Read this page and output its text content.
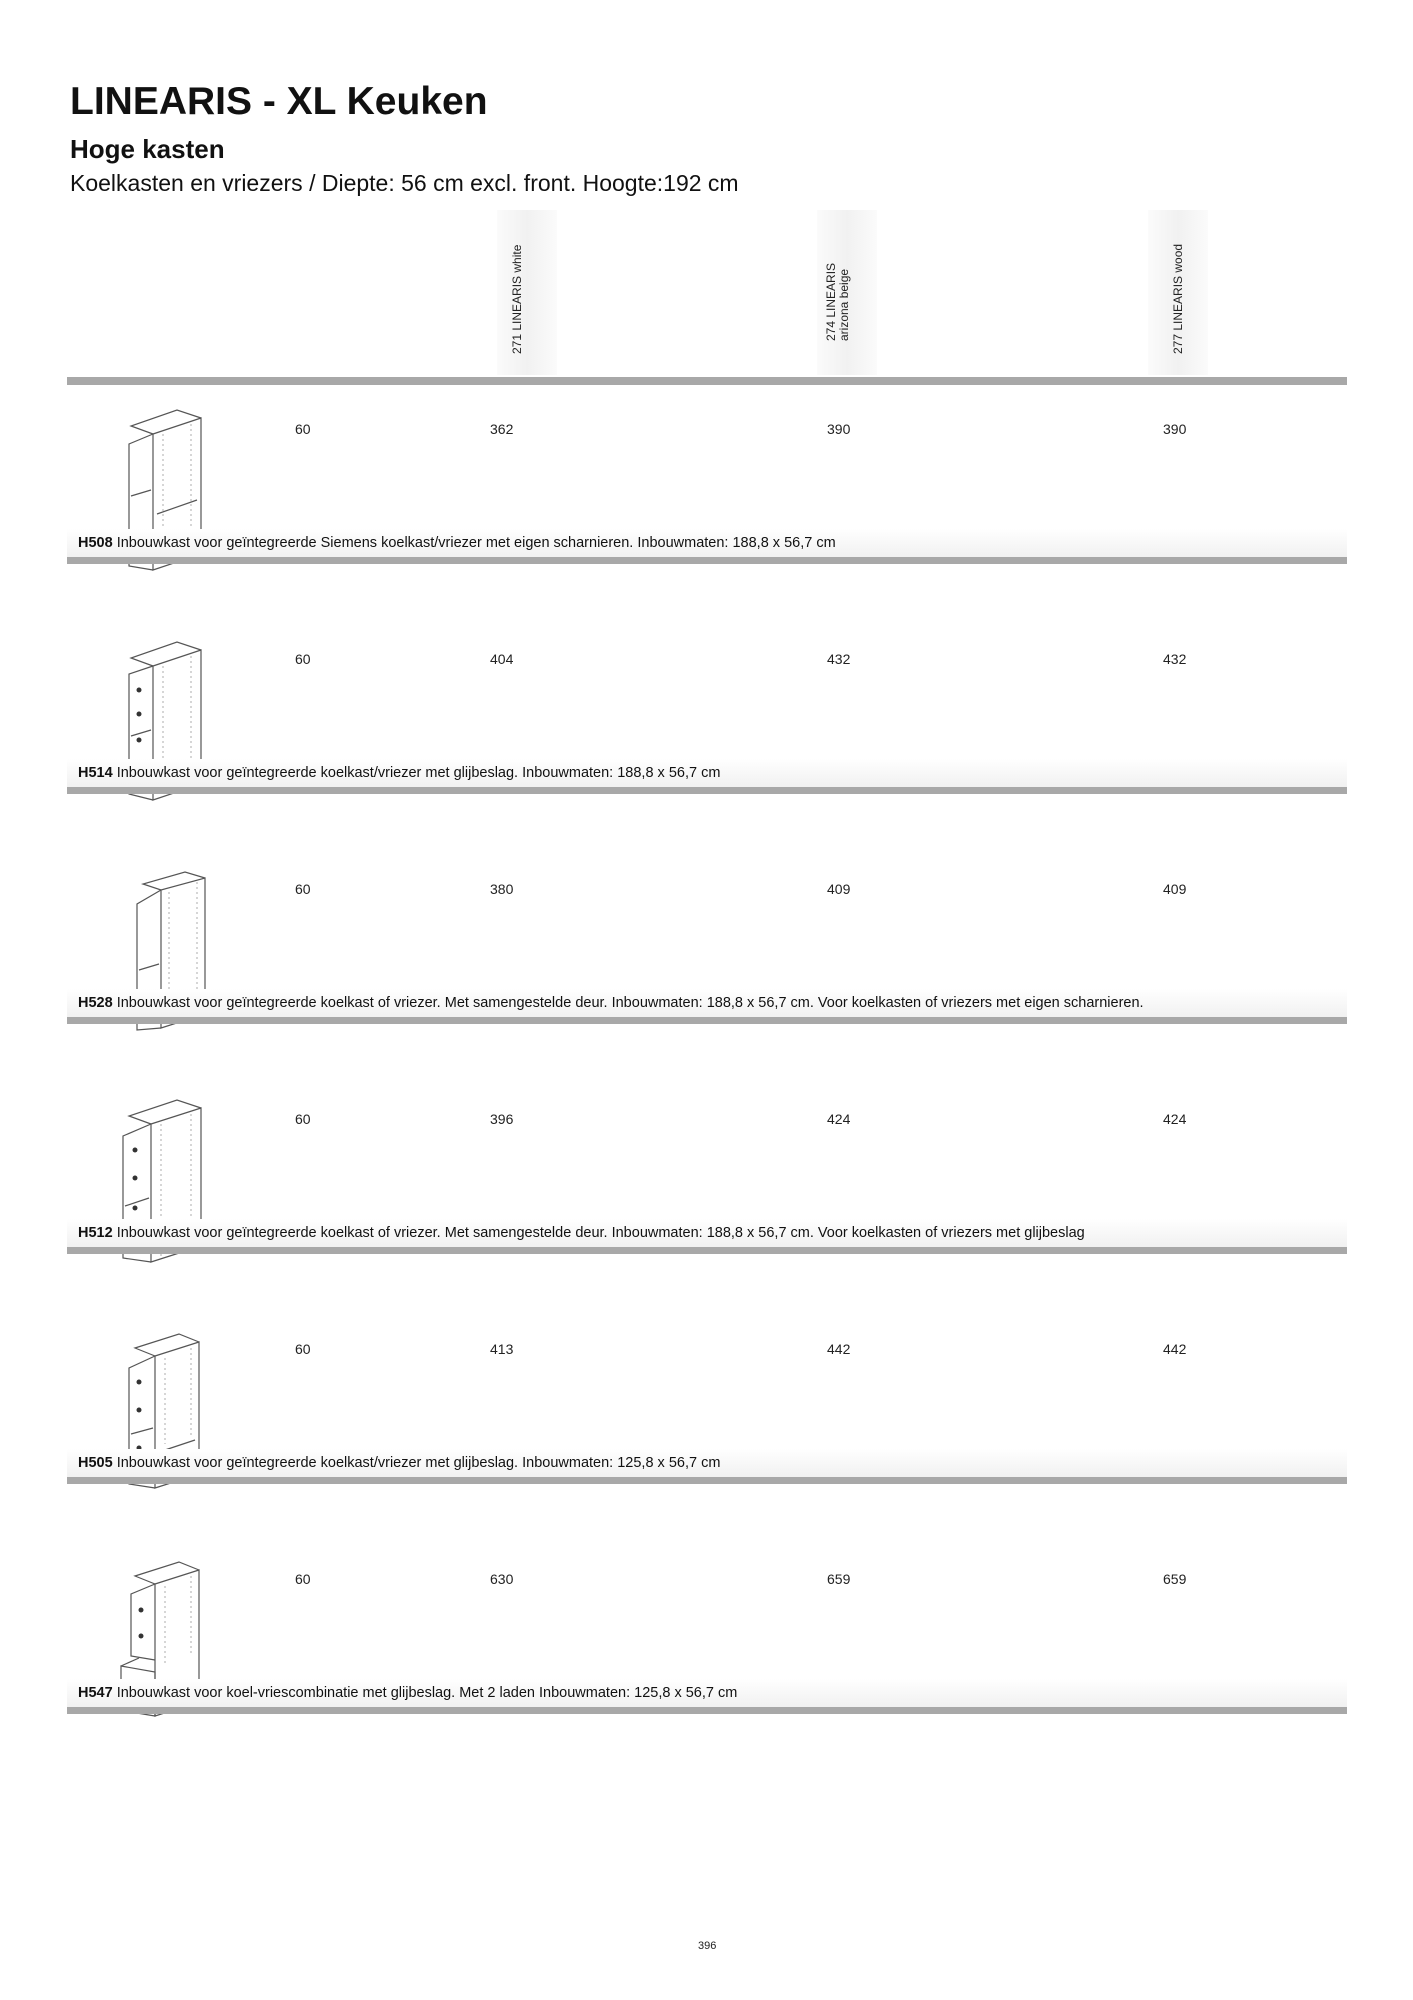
LINEARIS - XL Keuken
Hoge kasten

Koelkasten en vriezers / Diepte: 56 cm excl. front. Hoogte:192 cm

271 LINEARIS white	274 LINEARIS arizona beige	277 LINEARIS wood
60	362	390	390
H508 Inbouwkast voor geïntegreerde Siemens koelkast/vriezer met eigen scharnieren. Inbouwmaten: 188,8 x 56,7 cm
60	404	432	432
H514 Inbouwkast voor geïntegreerde koelkast/vriezer met glijbeslag. Inbouwmaten: 188,8 x 56,7 cm
60	380	409	409
H528 Inbouwkast voor geïntegreerde koelkast of vriezer. Met samengestelde deur. Inbouwmaten: 188,8 x 56,7 cm. Voor koelkasten of vriezers met eigen scharnieren.
60	396	424	424
H512 Inbouwkast voor geïntegreerde koelkast of vriezer. Met samengestelde deur. Inbouwmaten: 188,8 x 56,7 cm. Voor koelkasten of vriezers met glijbeslag
60	413	442	442
H505 Inbouwkast voor geïntegreerde koelkast/vriezer met glijbeslag. Inbouwmaten: 125,8 x 56,7 cm
60	630	659	659
H547 Inbouwkast voor koel-vriescombinatie met glijbeslag. Met 2 laden Inbouwmaten: 125,8 x 56,7 cm
396
